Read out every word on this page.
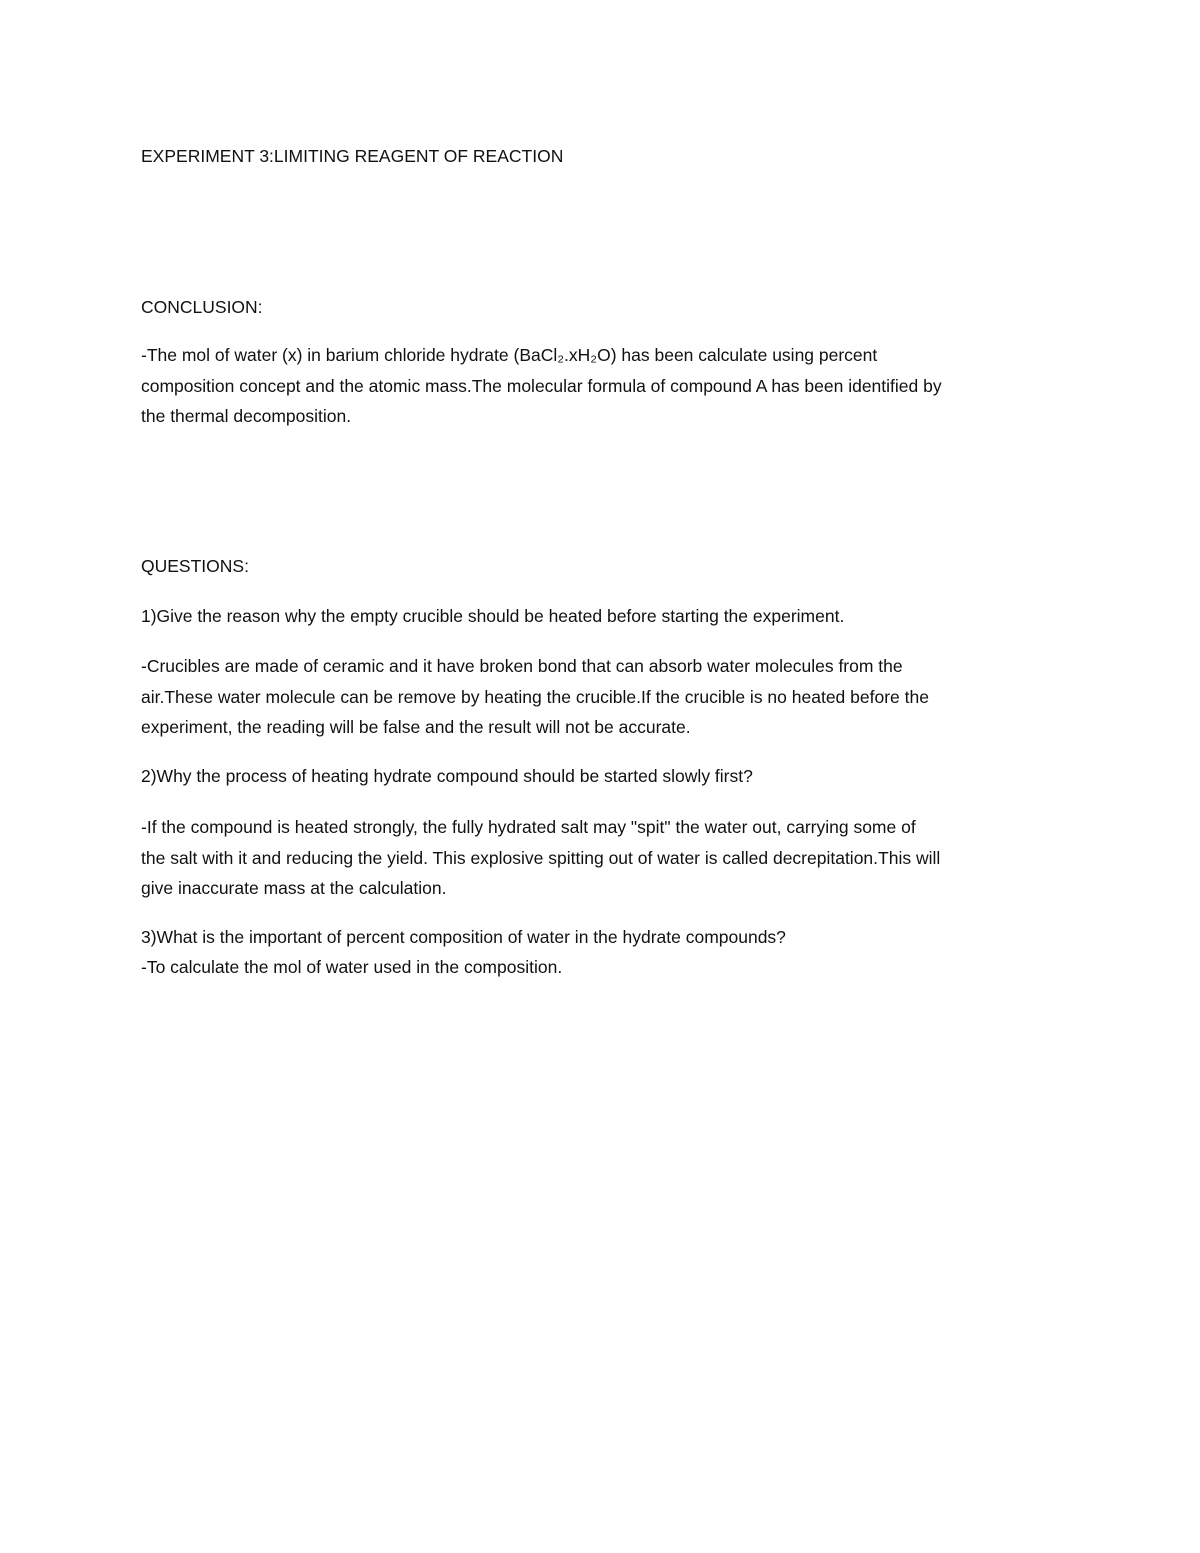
EXPERIMENT 3:LIMITING REAGENT OF REACTION
CONCLUSION:
-The mol of water (x) in barium chloride hydrate (BaCl₂.xH₂O) has been calculate using percent
composition concept and the atomic mass.The molecular formula of compound A has been identified by
the thermal decomposition.
QUESTIONS:
1)Give the reason why the empty crucible should be heated before starting the experiment.
-Crucibles are made of ceramic and it have broken bond that can absorb water molecules from the
air.These water molecule can be remove by heating the crucible.If the crucible is no heated before the
experiment, the reading will be false and the result will not be accurate.
2)Why the process of heating hydrate compound should be started slowly first?
-If the compound is heated strongly, the fully hydrated salt may "spit" the water out, carrying some of
the salt with it and reducing the yield. This explosive spitting out of water is called decrepitation.This will
give inaccurate mass at the calculation.
3)What is the important of percent composition of water in the hydrate compounds?
-To calculate the mol of water used in the composition.
